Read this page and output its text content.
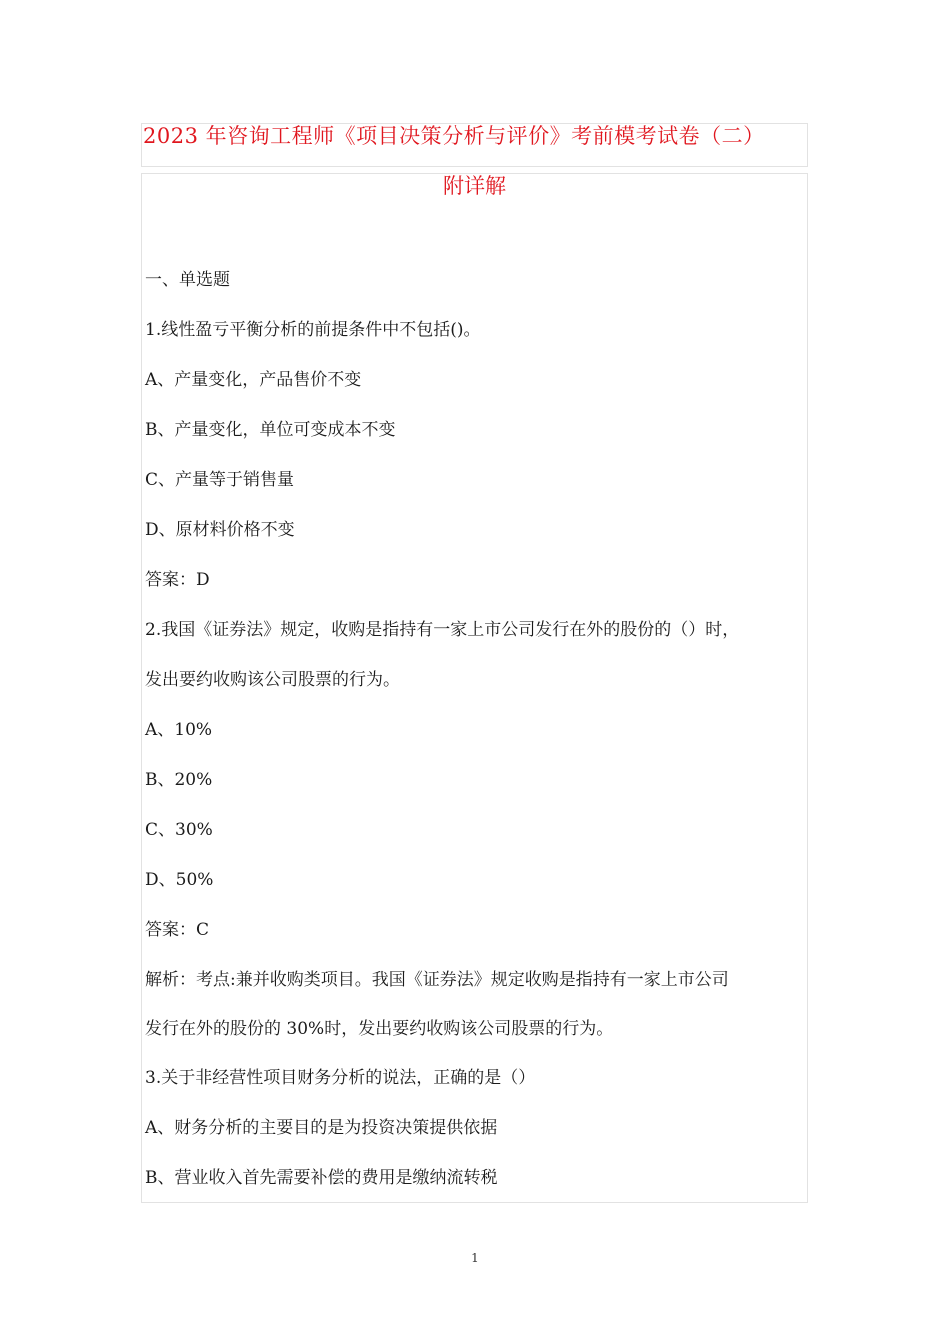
2023 年咨询工程师《项目决策分析与评价》考前模考试卷（二）
附详解
一、单选题
1.线性盈亏平衡分析的前提条件中不包括()。
A、产量变化，产品售价不变
B、产量变化，单位可变成本不变
C、产量等于销售量
D、原材料价格不变
答案：D
2.我国《证券法》规定，收购是指持有一家上市公司发行在外的股份的（）时，
发出要约收购该公司股票的行为。
A、10%
B、20%
C、30%
D、50%
答案：C
解析：考点:兼并收购类项目。我国《证券法》规定收购是指持有一家上市公司
发行在外的股份的 30%时，发出要约收购该公司股票的行为。
3.关于非经营性项目财务分析的说法，正确的是（）
A、财务分析的主要目的是为投资决策提供依据
B、营业收入首先需要补偿的费用是缴纳流转税
1
